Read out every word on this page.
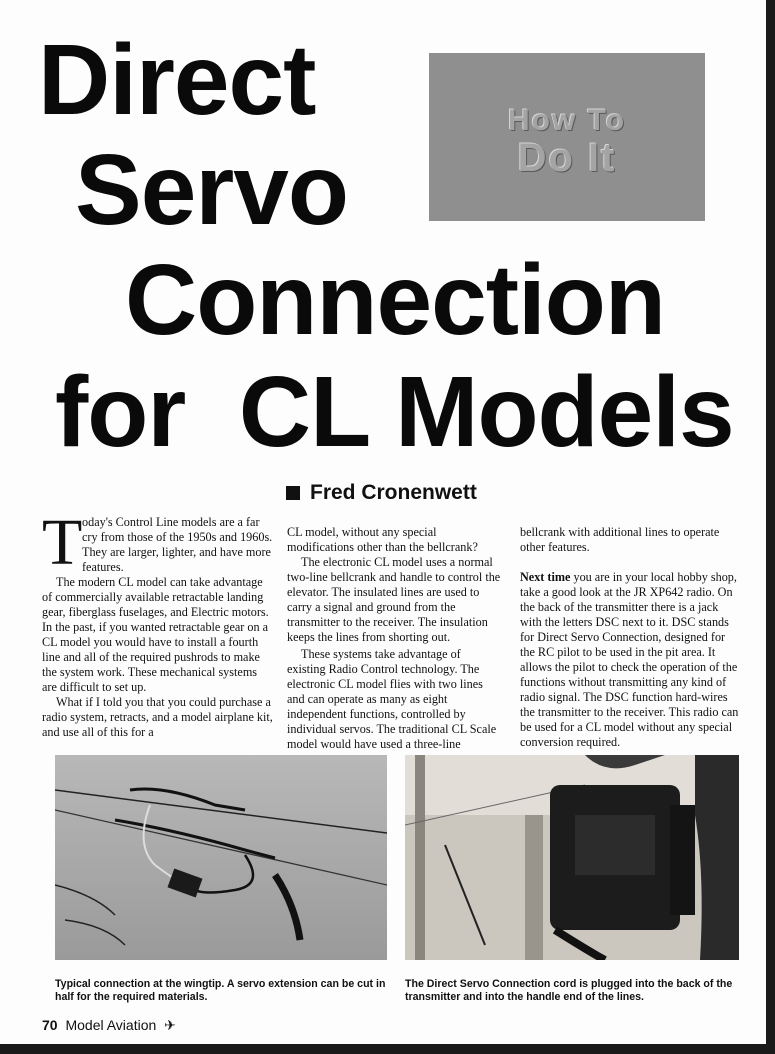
Direct
Servo
Connection
for  CL Models
How To
Do It
Fred Cronenwett
T oday's Control Line models are a far cry from those of the 1950s and 1960s. They are larger, lighter, and have more features.

The modern CL model can take advantage of commercially available retractable landing gear, fiberglass fuselages, and Electric motors. In the past, if you wanted retractable gear on a CL model you would have to install a fourth line and all of the required pushrods to make the system work. These mechanical systems are difficult to set up.

What if I told you that you could purchase a radio system, retracts, and a model airplane kit, and use all of this for a

CL model, without any special modifications other than the bellcrank?

The electronic CL model uses a normal two-line bellcrank and handle to control the elevator. The insulated lines are used to carry a signal and ground from the transmitter to the receiver. The insulation keeps the lines from shorting out.

These systems take advantage of existing Radio Control technology. The electronic CL model flies with two lines and can operate as many as eight independent functions, controlled by individual servos. The traditional CL Scale model would have used a three-line

bellcrank with additional lines to operate other features.

Next time you are in your local hobby shop, take a good look at the JR XP642 radio. On the back of the transmitter there is a jack with the letters DSC next to it. DSC stands for Direct Servo Connection, designed for the RC pilot to be used in the pit area. It allows the pilot to check the operation of the functions without transmitting any kind of radio signal. The DSC function hard-wires the transmitter to the receiver. This radio can be used for a CL model without any special conversion required.

Typical connection at the wingtip. A servo extension can be cut in half for the required materials.
The Direct Servo Connection cord is plugged into the back of the transmitter and into the handle end of the lines.
70 Model Aviation ✈
